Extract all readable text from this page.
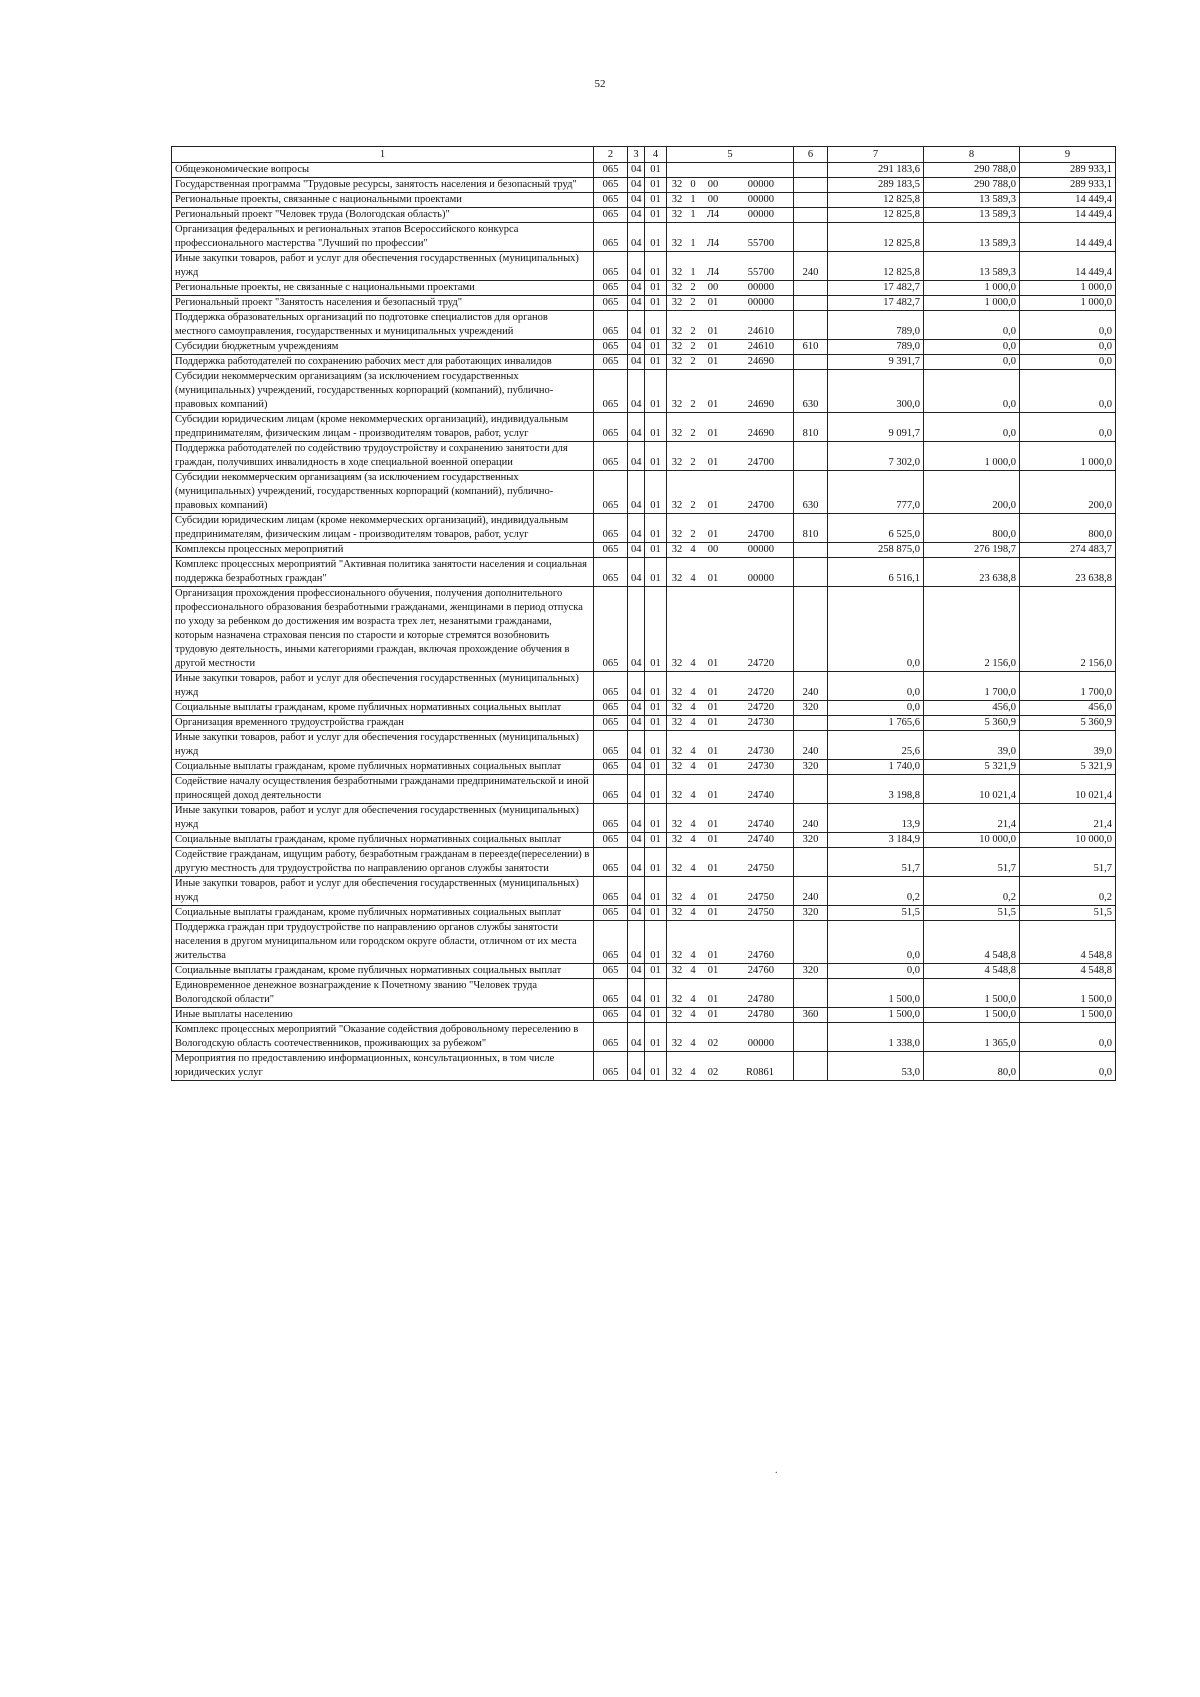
52
1	2	3	4	5	6	7	8	9
Общеэкономические вопросы	065	04	01			291 183,6	290 788,0	289 933,1
Государственная программа "Трудовые ресурсы, занятость населения и безопасный труд"	065	04	01	32 0 00 00000		289 183,5	290 788,0	289 933,1
Региональные проекты, связанные с национальными проектами	065	04	01	32 1 00 00000		12 825,8	13 589,3	14 449,4
Региональный проект "Человек труда (Вологодская область)"	065	04	01	32 1 Л4 00000		12 825,8	13 589,3	14 449,4
Организация федеральных и региональных этапов Всероссийского конкурса профессионального мастерства "Лучший по профессии"	065	04	01	32 1 Л4 55700		12 825,8	13 589,3	14 449,4
Иные закупки товаров, работ и услуг для обеспечения государственных (муниципальных) нужд	065	04	01	32 1 Л4 55700	240	12 825,8	13 589,3	14 449,4
Региональные проекты, не связанные с национальными проектами	065	04	01	32 2 00 00000		17 482,7	1 000,0	1 000,0
Региональный проект "Занятость населения и безопасный труд"	065	04	01	32 2 01 00000		17 482,7	1 000,0	1 000,0
Поддержка образовательных организаций по подготовке специалистов для органов местного самоуправления, государственных и муниципальных учреждений	065	04	01	32 2 01 24610		789,0	0,0	0,0
Субсидии бюджетным учреждениям	065	04	01	32 2 01 24610	610	789,0	0,0	0,0
Поддержка работодателей по сохранению рабочих мест для работающих инвалидов	065	04	01	32 2 01 24690		9 391,7	0,0	0,0
Субсидии некоммерческим организациям (за исключением государственных (муниципальных) учреждений, государственных корпораций (компаний), публично-правовых компаний)	065	04	01	32 2 01 24690	630	300,0	0,0	0,0
Субсидии юридическим лицам (кроме некоммерческих организаций), индивидуальным предпринимателям, физическим лицам - производителям товаров, работ, услуг	065	04	01	32 2 01 24690	810	9 091,7	0,0	0,0
Поддержка работодателей по содействию трудоустройству и сохранению занятости для граждан, получивших инвалидность в ходе специальной военной операции	065	04	01	32 2 01 24700		7 302,0	1 000,0	1 000,0
Субсидии некоммерческим организациям (за исключением государственных (муниципальных) учреждений, государственных корпораций (компаний), публично-правовых компаний)	065	04	01	32 2 01 24700	630	777,0	200,0	200,0
Субсидии юридическим лицам (кроме некоммерческих организаций), индивидуальным предпринимателям, физическим лицам - производителям товаров, работ, услуг	065	04	01	32 2 01 24700	810	6 525,0	800,0	800,0
Комплексы процессных мероприятий	065	04	01	32 4 00 00000		258 875,0	276 198,7	274 483,7
Комплекс процессных мероприятий "Активная политика занятости населения и социальная поддержка безработных граждан"	065	04	01	32 4 01 00000		6 516,1	23 638,8	23 638,8
Организация прохождения профессионального обучения, получения дополнительного профессионального образования безработными гражданами, женщинами в период отпуска по уходу за ребенком до достижения им возраста трех лет, незанятыми гражданами, которым назначена страховая пенсия по старости и которые стремятся возобновить трудовую деятельность, иными категориями граждан, включая прохождение обучения в другой местности	065	04	01	32 4 01 24720		0,0	2 156,0	2 156,0
Иные закупки товаров, работ и услуг для обеспечения государственных (муниципальных) нужд	065	04	01	32 4 01 24720	240	0,0	1 700,0	1 700,0
Социальные выплаты гражданам, кроме публичных нормативных социальных выплат	065	04	01	32 4 01 24720	320	0,0	456,0	456,0
Организация временного трудоустройства граждан	065	04	01	32 4 01 24730		1 765,6	5 360,9	5 360,9
Иные закупки товаров, работ и услуг для обеспечения государственных (муниципальных) нужд	065	04	01	32 4 01 24730	240	25,6	39,0	39,0
Социальные выплаты гражданам, кроме публичных нормативных социальных выплат	065	04	01	32 4 01 24730	320	1 740,0	5 321,9	5 321,9
Содействие началу осуществления безработными гражданами предпринимательской и иной приносящей доход деятельности	065	04	01	32 4 01 24740		3 198,8	10 021,4	10 021,4
Иные закупки товаров, работ и услуг для обеспечения государственных (муниципальных) нужд	065	04	01	32 4 01 24740	240	13,9	21,4	21,4
Социальные выплаты гражданам, кроме публичных нормативных социальных выплат	065	04	01	32 4 01 24740	320	3 184,9	10 000,0	10 000,0
Содействие гражданам, ищущим работу, безработным гражданам в переезде(переселении) в другую местность для трудоустройства по направлению органов службы занятости	065	04	01	32 4 01 24750		51,7	51,7	51,7
Иные закупки товаров, работ и услуг для обеспечения государственных (муниципальных) нужд	065	04	01	32 4 01 24750	240	0,2	0,2	0,2
Социальные выплаты гражданам, кроме публичных нормативных социальных выплат	065	04	01	32 4 01 24750	320	51,5	51,5	51,5
Поддержка граждан при трудоустройстве по направлению органов службы занятости населения в другом муниципальном или городском округе области, отличном от их места жительства	065	04	01	32 4 01 24760		0,0	4 548,8	4 548,8
Социальные выплаты гражданам, кроме публичных нормативных социальных выплат	065	04	01	32 4 01 24760	320	0,0	4 548,8	4 548,8
Единовременное денежное вознаграждение к Почетному званию "Человек труда Вологодской области"	065	04	01	32 4 01 24780		1 500,0	1 500,0	1 500,0
Иные выплаты населению	065	04	01	32 4 01 24780	360	1 500,0	1 500,0	1 500,0
Комплекс процессных мероприятий "Оказание содействия добровольному переселению в Вологодскую область соотечественников, проживающих за рубежом"	065	04	01	32 4 02 00000		1 338,0	1 365,0	0,0
Мероприятия по предоставлению информационных, консультационных, в том числе юридических услуг	065	04	01	32 4 02 R0861		53,0	80,0	0,0
.
